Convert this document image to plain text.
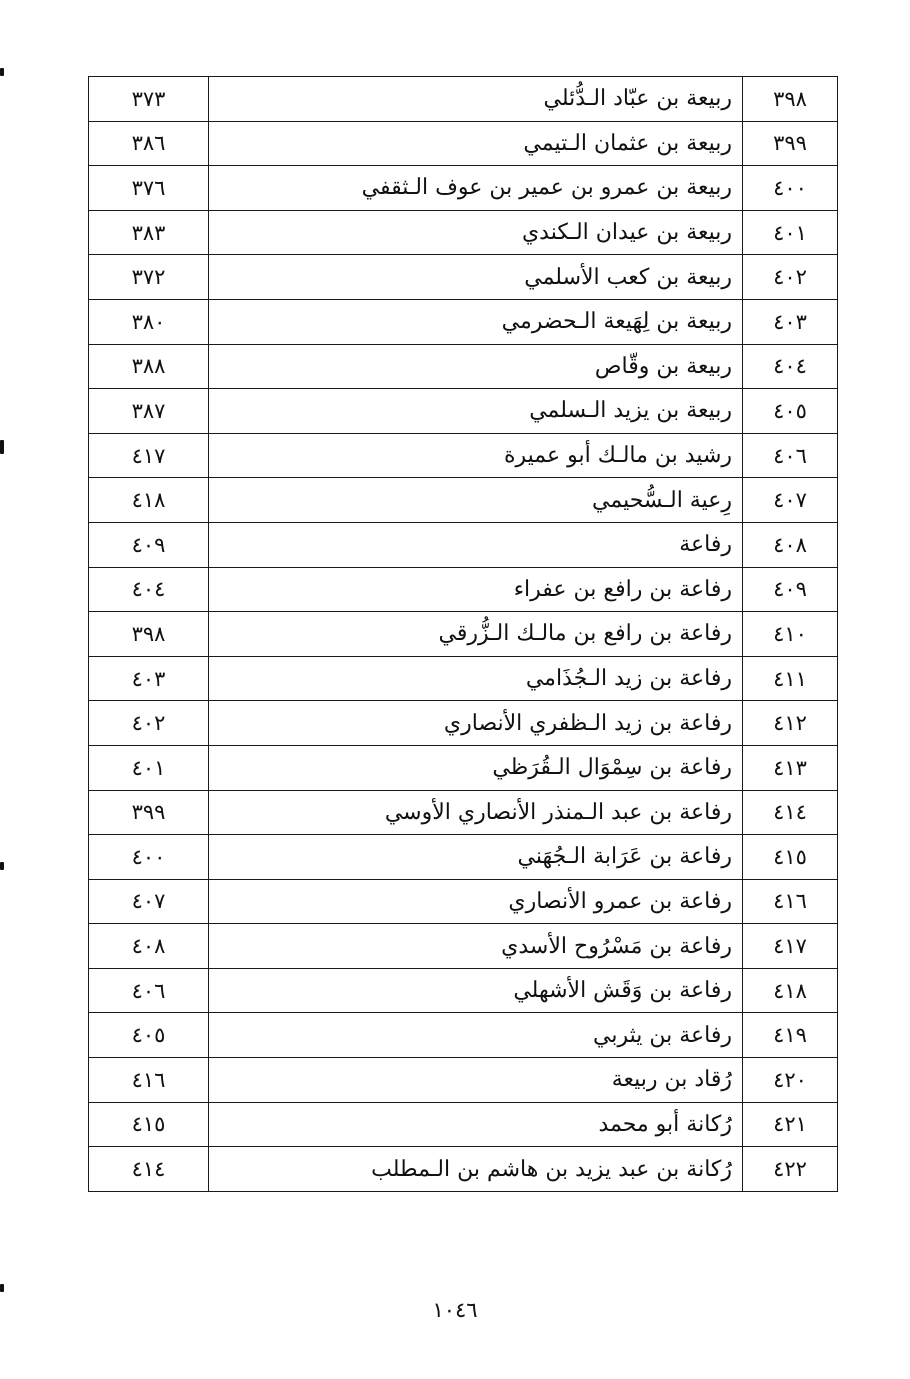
٣٧٣	ربيعة بن عبّاد الـدُّئلي	٣٩٨
٣٨٦	ربيعة بن عثمان الـتيمي	٣٩٩
٣٧٦	ربيعة بن عمرو بن عمير بن عوف الـثقفي	٤٠٠
٣٨٣	ربيعة بن عيدان الـكندي	٤٠١
٣٧٢	ربيعة بن كعب الأسلمي	٤٠٢
٣٨٠	ربيعة بن لِهَيعة الـحضرمي	٤٠٣
٣٨٨	ربيعة بن وقّاص	٤٠٤
٣٨٧	ربيعة بن يزيد الـسلمي	٤٠٥
٤١٧	رشيد بن مالـك أبو عميرة	٤٠٦
٤١٨	رِعية الـسُّحيمي	٤٠٧
٤٠٩	رفاعة	٤٠٨
٤٠٤	رفاعة بن رافع بن عفراء	٤٠٩
٣٩٨	رفاعة بن رافع بن مالـك الـزُّرقي	٤١٠
٤٠٣	رفاعة بن زيد الـجُذَامي	٤١١
٤٠٢	رفاعة بن زيد الـظفري الأنصاري	٤١٢
٤٠١	رفاعة بن سِمْوَال الـقُرَظي	٤١٣
٣٩٩	رفاعة بن عبد الـمنذر الأنصاري الأوسي	٤١٤
٤٠٠	رفاعة بن عَرَابة الـجُهَني	٤١٥
٤٠٧	رفاعة بن عمرو الأنصاري	٤١٦
٤٠٨	رفاعة بن مَسْرُوح الأسدي	٤١٧
٤٠٦	رفاعة بن وَقَش الأشهلي	٤١٨
٤٠٥	رفاعة بن يثربي	٤١٩
٤١٦	رُقاد بن ربيعة	٤٢٠
٤١٥	رُكانة أبو محمد	٤٢١
٤١٤	رُكانة بن عبد يزيد بن هاشم بن الـمطلب	٤٢٢
١٠٤٦
